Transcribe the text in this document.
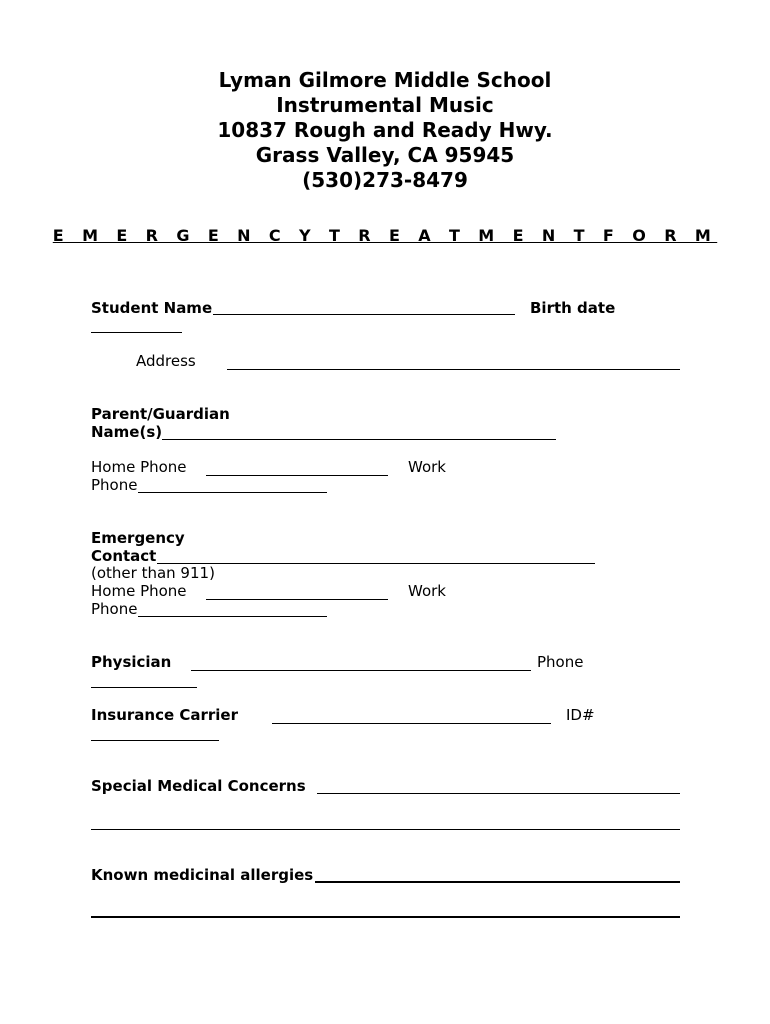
Lyman Gilmore Middle School
Instrumental Music
10837 Rough and Ready Hwy.
Grass Valley, CA 95945
(530)273-8479
E M E R G E N C Y T R E A T M E N T F O R M
Student Name	Birth date
Address
Parent/Guardian
Name(s)
Home Phone	Work
Phone
Emergency
Contact
(other than 911)
Home Phone	Work
Phone
Physician	Phone
Insurance Carrier	ID#
Special Medical Concerns
Known medicinal allergies
